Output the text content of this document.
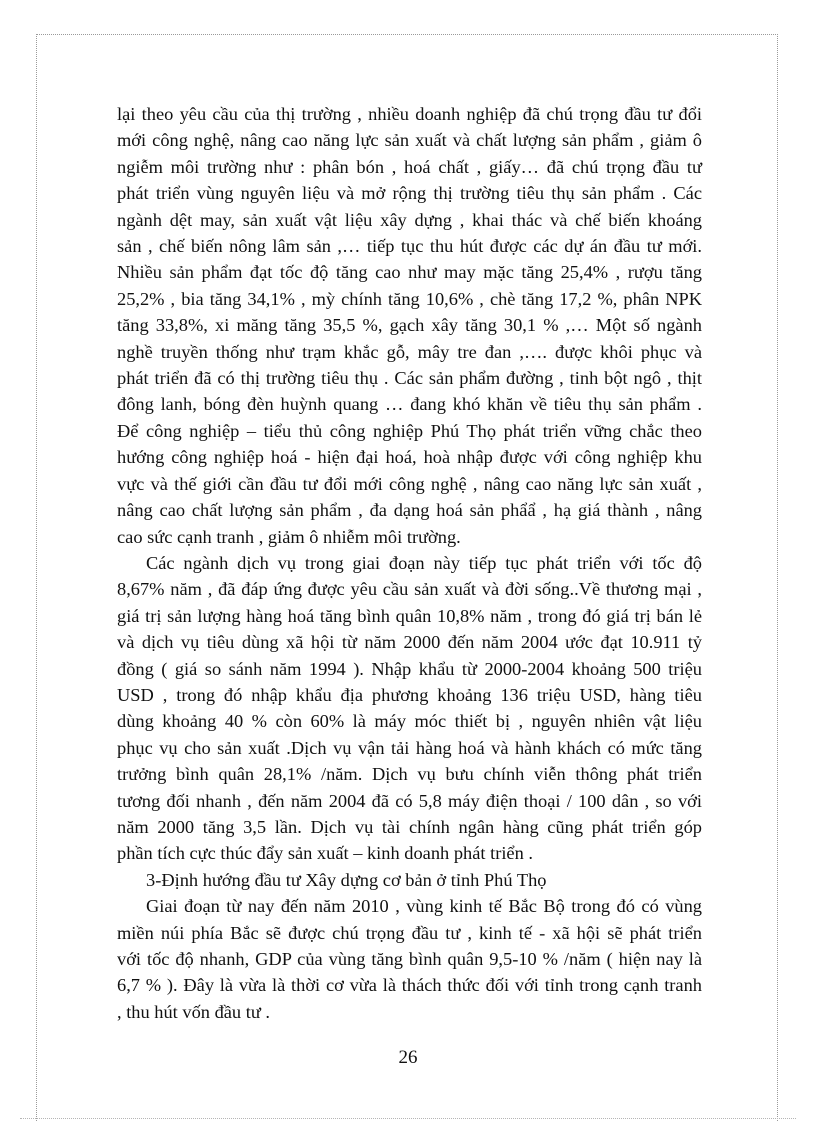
lại theo yêu cầu của thị trường , nhiều doanh nghiệp đã chú trọng đầu tư đổi
mới công nghệ, nâng cao năng lực sản xuất và chất lượng sản phẩm , giảm ô
ngiễm môi trường như : phân bón , hoá chất , giấy… đã chú trọng đầu tư
phát triển vùng nguyên liệu và mở rộng thị trường tiêu thụ sản phẩm . Các
ngành dệt may, sản xuất vật liệu xây dựng , khai thác và chế biến khoáng
sản , chế biến nông lâm sản ,… tiếp tục thu hút được các dự án đầu tư mới.
Nhiều sản phẩm đạt tốc độ tăng cao như may mặc tăng 25,4% , rượu tăng
25,2% , bia tăng 34,1% , mỳ chính tăng 10,6% , chè tăng 17,2 %, phân NPK
tăng 33,8%, xi măng tăng 35,5 %, gạch xây tăng 30,1 % ,… Một số ngành
nghề truyền thống như trạm khắc gỗ, mây tre đan ,…. được khôi phục và
phát triển đã có thị trường tiêu thụ . Các sản phẩm đường , tinh bột ngô , thịt
đông lanh, bóng đèn huỳnh quang … đang khó khăn về tiêu thụ sản phẩm .
Để công nghiệp – tiểu thủ công nghiệp Phú Thọ phát triển vững chắc theo
hướng công nghiệp hoá - hiện đại hoá, hoà nhập được với công nghiệp khu
vực và thế giới cần đầu tư đổi mới công nghệ , nâng cao năng lực sản xuất ,
nâng cao chất lượng sản phẩm , đa dạng hoá sản phẩẩ , hạ giá thành , nâng
cao sức cạnh tranh , giảm ô nhiễm môi trường.

Các ngành dịch vụ trong giai đoạn này tiếp tục phát triển với tốc độ
8,67% năm , đã đáp ứng được yêu cầu sản xuất và đời sống..Về thương mại ,
giá trị sản lượng hàng hoá tăng bình quân 10,8% năm , trong đó giá trị bán lẻ
và dịch vụ tiêu dùng xã hội từ năm 2000 đến năm 2004 ước đạt 10.911 tỷ
đồng ( giá so sánh năm 1994 ). Nhập khẩu từ 2000-2004 khoảng 500 triệu
USD , trong đó nhập khẩu địa phương khoảng 136 triệu USD, hàng tiêu
dùng khoảng 40 % còn 60% là máy móc thiết bị , nguyên nhiên vật liệu
phục vụ cho sản xuất .Dịch vụ vận tải hàng hoá và hành khách có mức tăng
trưởng bình quân 28,1% /năm. Dịch vụ bưu chính viễn thông phát triển
tương đối nhanh , đến năm 2004 đã có 5,8 máy điện thoại / 100 dân , so với
năm 2000 tăng 3,5 lần. Dịch vụ tài chính ngân hàng cũng phát triển góp
phần tích cực thúc đẩy sản xuất – kinh doanh phát triển .

3-Định hướng đầu tư Xây dựng cơ bản ở tỉnh Phú Thọ

Giai đoạn từ nay đến năm 2010 , vùng kinh tế Bắc Bộ trong đó có vùng
miền núi phía Bắc sẽ được chú trọng đầu tư , kinh tế - xã hội sẽ phát triển
với tốc độ nhanh, GDP của vùng tăng bình quân 9,5-10 % /năm ( hiện nay là
6,7 % ). Đây là vừa là thời cơ vừa là thách thức đối với tỉnh trong cạnh tranh
, thu hút vốn đầu tư .

26
